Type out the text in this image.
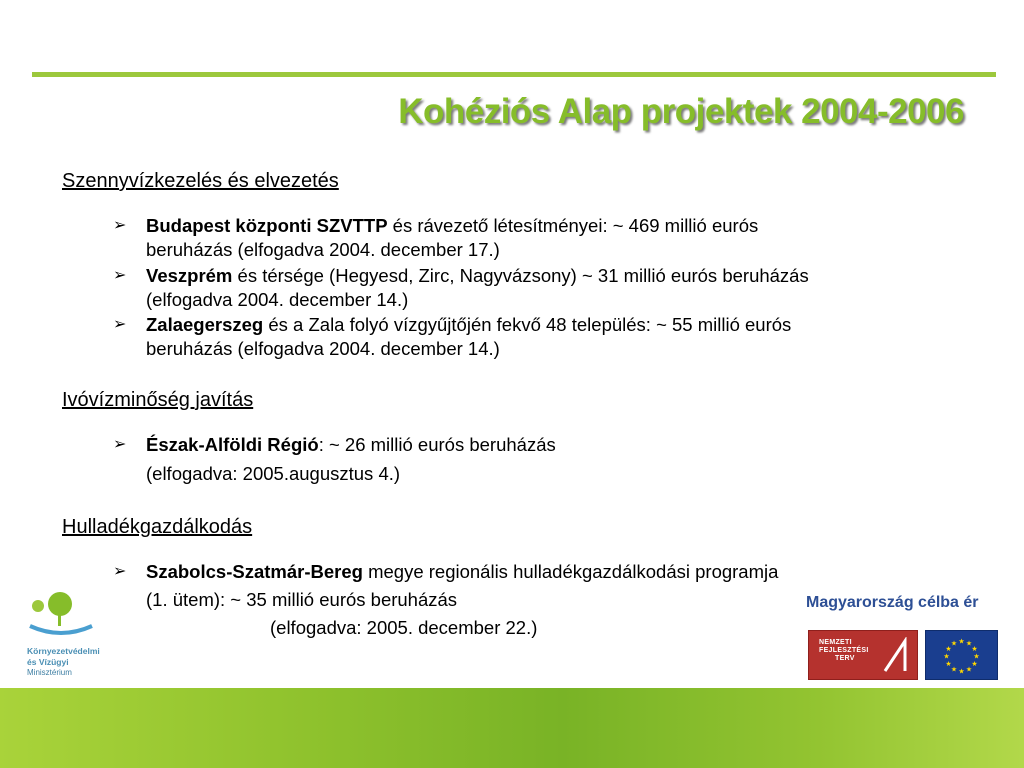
Kohéziós Alap projektek 2004-2006
Szennyvízkezelés és elvezetés
➢	Budapest központi SZVTTP és rávezető létesítményei: ~ 469 millió eurós
beruházás (elfogadva 2004. december 17.)
➢	Veszprém és térsége (Hegyesd, Zirc, Nagyvázsony) ~ 31 millió eurós beruházás
(elfogadva 2004. december 14.)
➢	Zalaegerszeg és a Zala folyó vízgyűjtőjén fekvő 48 település: ~ 55 millió eurós
beruházás (elfogadva 2004. december 14.)
Ivóvízminőség javítás
➢	Észak-Alföldi Régió: ~ 26 millió eurós beruházás
(elfogadva: 2005.augusztus 4.)
Hulladékgazdálkodás
➢	Szabolcs-Szatmár-Bereg megye regionális hulladékgazdálkodási programja
(1. ütem): ~ 35 millió eurós beruházás
(elfogadva: 2005. december 22.)
Környezetvédelmi
és Vízügyi
Minisztérium
Magyarország célba ér
NEMZETI
FEJLESZTÉSI
TERV
★ ★
★
★
★
★
★
★
★
★
★
★
